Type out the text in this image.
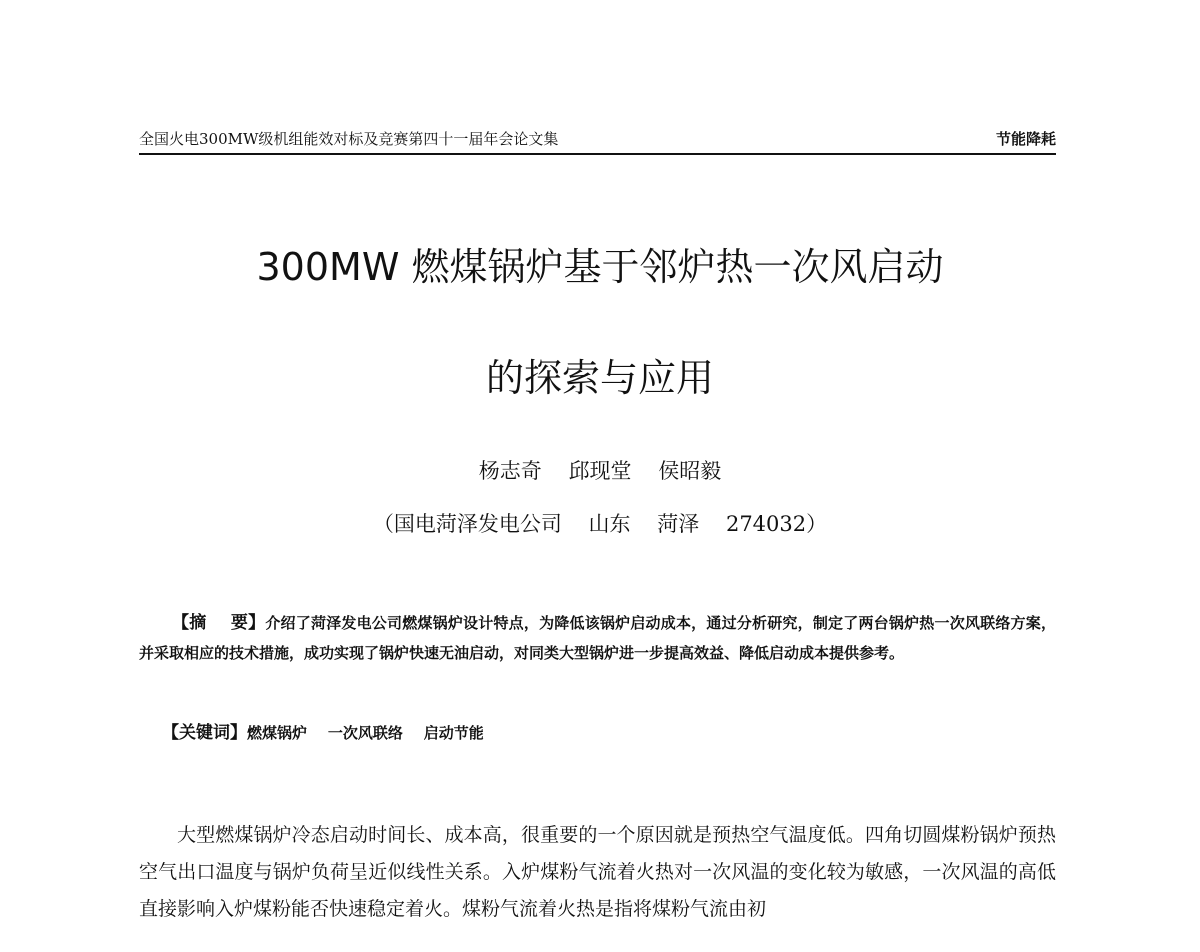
全国火电300MW级机组能效对标及竞赛第四十一届年会论文集	节能降耗
300MW 燃煤锅炉基于邻炉热一次风启动
的探索与应用
杨志奇    邱现堂    侯昭毅
（国电菏泽发电公司    山东    菏泽    274032）
【摘    要】介绍了菏泽发电公司燃煤锅炉设计特点，为降低该锅炉启动成本，通过分析研究，制定了两台锅炉热一次风联络方案，并采取相应的技术措施，成功实现了锅炉快速无油启动，对同类大型锅炉进一步提高效益、降低启动成本提供参考。
【关键词】燃煤锅炉    一次风联络    启动节能
大型燃煤锅炉冷态启动时间长、成本高，很重要的一个原因就是预热空气温度低。四角切圆煤粉锅炉预热空气出口温度与锅炉负荷呈近似线性关系。入炉煤粉气流着火热对一次风温的变化较为敏感，一次风温的高低直接影响入炉煤粉能否快速稳定着火。煤粉气流着火热是指将煤粉气流由初
